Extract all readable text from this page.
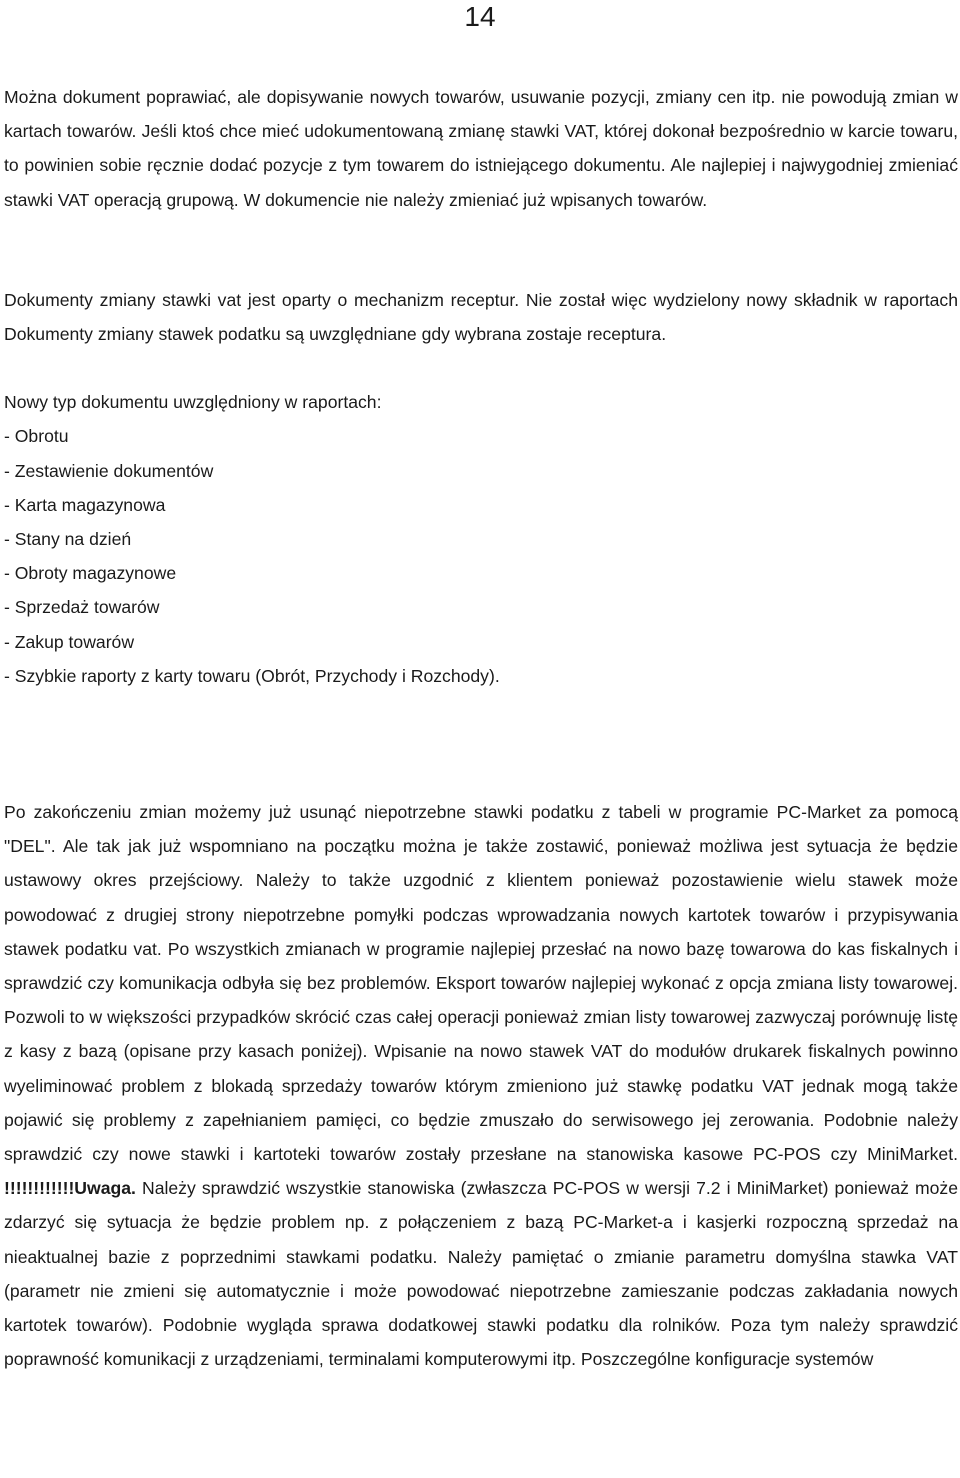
14

Można dokument poprawiać, ale dopisywanie nowych towarów, usuwanie pozycji, zmiany cen itp. nie powodują zmian w kartach towarów. Jeśli ktoś chce mieć udokumentowaną zmianę stawki VAT, której dokonał bezpośrednio w karcie towaru, to powinien sobie ręcznie dodać pozycje z tym towarem do istniejącego dokumentu. Ale najlepiej i najwygodniej zmieniać stawki VAT operacją grupową. W dokumencie nie należy zmieniać już wpisanych towarów.

Dokumenty zmiany stawki vat jest oparty o mechanizm receptur. Nie został więc wydzielony nowy składnik w raportach Dokumenty zmiany stawek podatku są uwzględniane gdy wybrana zostaje receptura.

Nowy typ dokumentu uwzględniony w raportach:

- Obrotu
- Zestawienie dokumentów
- Karta magazynowa
- Stany na dzień
- Obroty magazynowe
- Sprzedaż towarów
- Zakup towarów
- Szybkie raporty z karty towaru (Obrót, Przychody i Rozchody).

Po zakończeniu zmian możemy już usunąć niepotrzebne stawki podatku z tabeli w programie PC-Market za pomocą "DEL". Ale tak jak już wspomniano na początku można je także zostawić, ponieważ możliwa jest sytuacja że będzie ustawowy okres przejściowy. Należy to także uzgodnić z klientem ponieważ pozostawienie wielu stawek może powodować z drugiej strony niepotrzebne pomyłki podczas wprowadzania nowych kartotek towarów i przypisywania stawek podatku vat. Po wszystkich zmianach w programie najlepiej przesłać na nowo bazę towarowa do kas fiskalnych i sprawdzić czy komunikacja odbyła się bez problemów. Eksport towarów najlepiej wykonać z opcja zmiana listy towarowej. Pozwoli to w większości przypadków skrócić czas całej operacji ponieważ zmian listy towarowej zazwyczaj porównuję listę z kasy z bazą (opisane przy kasach poniżej). Wpisanie na nowo stawek VAT do modułów drukarek fiskalnych powinno wyeliminować problem z blokadą sprzedaży towarów którym zmieniono już stawkę podatku VAT jednak mogą także pojawić się problemy z zapełnianiem pamięci, co będzie zmuszało do serwisowego jej zerowania. Podobnie należy sprawdzić czy nowe stawki i kartoteki towarów zostały przesłane na stanowiska kasowe PC-POS czy MiniMarket. !!!!!!!!!!!!Uwaga. Należy sprawdzić wszystkie stanowiska (zwłaszcza PC-POS w wersji 7.2 i MiniMarket) ponieważ może zdarzyć się sytuacja że będzie problem np. z połączeniem z bazą PC-Market-a i kasjerki rozpoczną sprzedaż na nieaktualnej bazie z poprzednimi stawkami podatku. Należy pamiętać o zmianie parametru domyślna stawka VAT (parametr nie zmieni się automatycznie i może powodować niepotrzebne zamieszanie podczas zakładania nowych kartotek towarów). Podobnie wygląda sprawa dodatkowej stawki podatku dla rolników. Poza tym należy sprawdzić poprawność komunikacji z urządzeniami, terminalami komputerowymi itp. Poszczególne konfiguracje systemów
